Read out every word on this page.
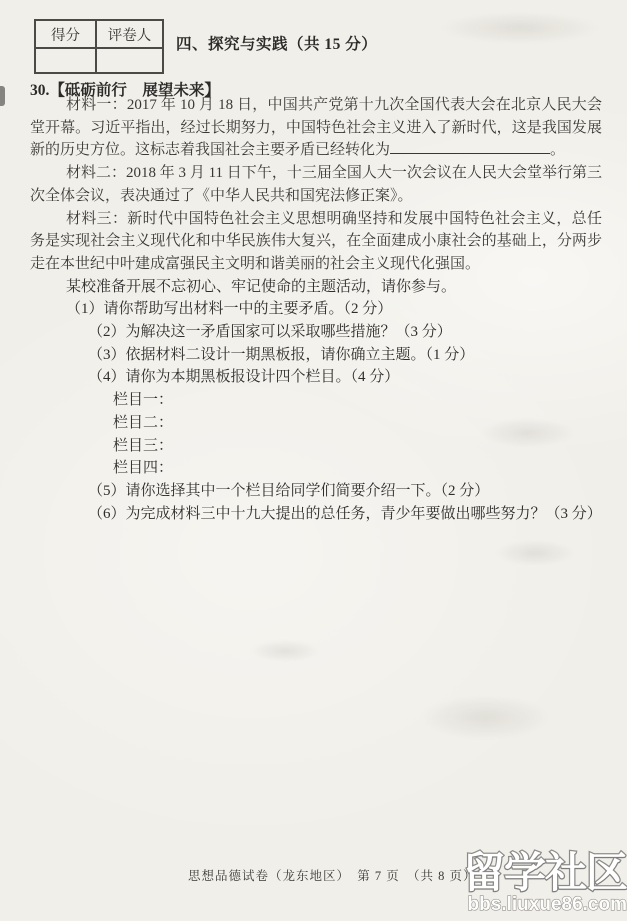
得分	评卷人

四、探究与实践（共 15 分）
30.【砥砺前行　展望未来】

材料一：2017 年 10 月 18 日，中国共产党第十九次全国代表大会在北京人民大会堂开幕。习近平指出，经过长期努力，中国特色社会主义进入了新时代，这是我国发展新的历史方位。这标志着我国社会主要矛盾已经转化为	。

材料二：2018 年 3 月 11 日下午，十三届全国人大一次会议在人民大会堂举行第三次全体会议，表决通过了《中华人民共和国宪法修正案》。

材料三：新时代中国特色社会主义思想明确坚持和发展中国特色社会主义，总任务是实现社会主义现代化和中华民族伟大复兴，在全面建成小康社会的基础上，分两步走在本世纪中叶建成富强民主文明和谐美丽的社会主义现代化强国。

某校准备开展不忘初心、牢记使命的主题活动，请你参与。

（1）请你帮助写出材料一中的主要矛盾。（2 分）

（2）为解决这一矛盾国家可以采取哪些措施？（3 分）

（3）依据材料二设计一期黑板报，请你确立主题。（1 分）

（4）请你为本期黑板报设计四个栏目。（4 分）

栏目一：

栏目二：

栏目三：

栏目四：

（5）请你选择其中一个栏目给同学们简要介绍一下。（2 分）

（6）为完成材料三中十九大提出的总任务，青少年要做出哪些努力？（3 分）

思想品德试卷（龙东地区）　第 7 页　（共 8 页）
留学社区
bbs.liuxue86.com
